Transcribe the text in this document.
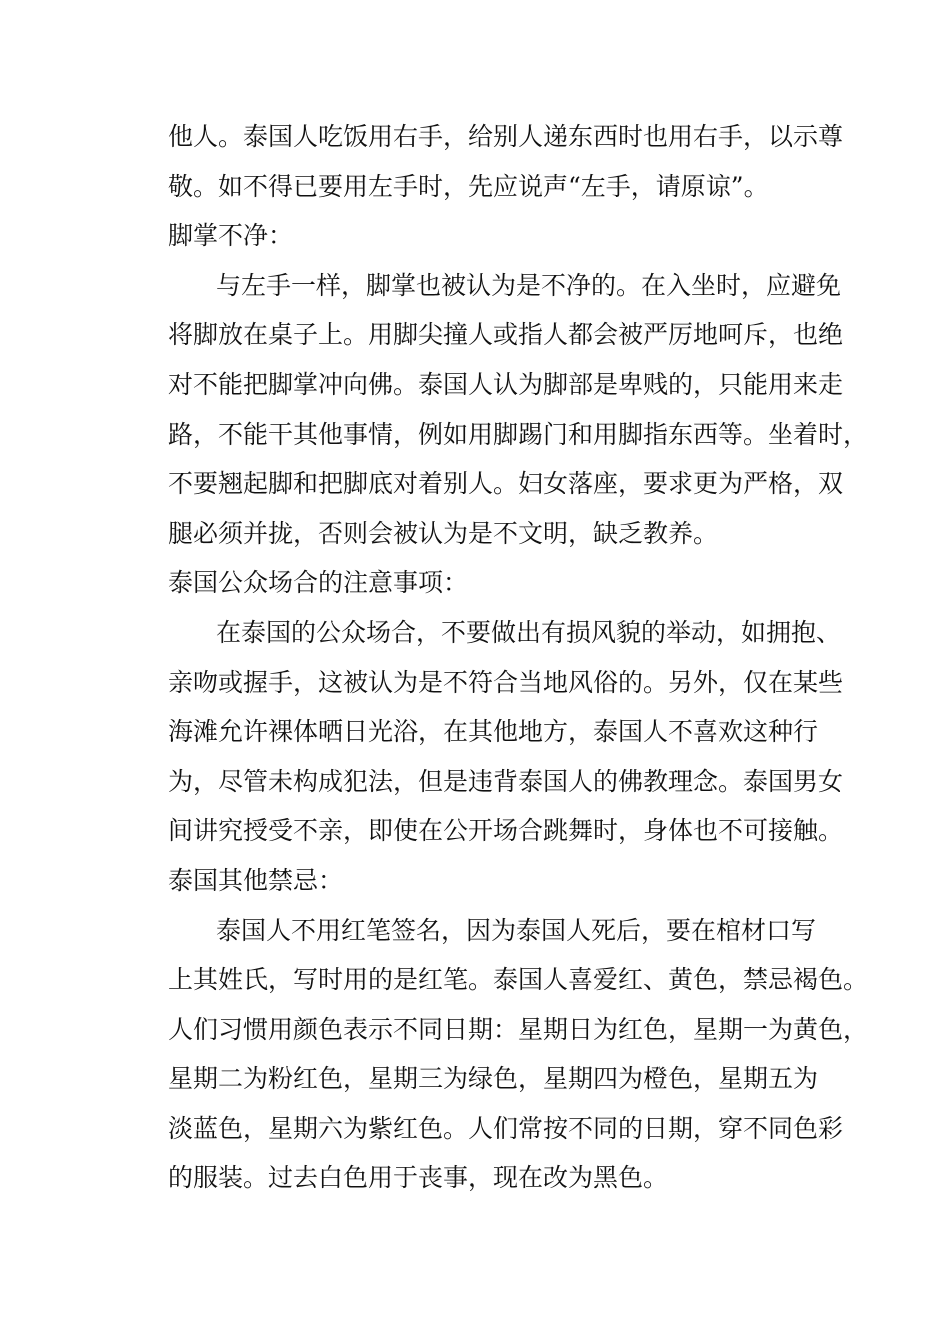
他人。泰国人吃饭用右手，给别人递东西时也用右手，以示尊
敬。如不得已要用左手时，先应说声“左手，请原谅”。
脚掌不净：
与左手一样，脚掌也被认为是不净的。在入坐时，应避免
将脚放在桌子上。用脚尖撞人或指人都会被严厉地呵斥，也绝
对不能把脚掌冲向佛。泰国人认为脚部是卑贱的，只能用来走
路，不能干其他事情，例如用脚踢门和用脚指东西等。坐着时，
不要翘起脚和把脚底对着别人。妇女落座，要求更为严格，双
腿必须并拢，否则会被认为是不文明，缺乏教养。
泰国公众场合的注意事项：
在泰国的公众场合，不要做出有损风貌的举动，如拥抱、
亲吻或握手，这被认为是不符合当地风俗的。另外，仅在某些
海滩允许裸体晒日光浴，在其他地方，泰国人不喜欢这种行
为，尽管未构成犯法，但是违背泰国人的佛教理念。泰国男女
间讲究授受不亲，即使在公开场合跳舞时，身体也不可接触。
泰国其他禁忌：
泰国人不用红笔签名，因为泰国人死后，要在棺材口写
上其姓氏，写时用的是红笔。泰国人喜爱红、黄色，禁忌褐色。
人们习惯用颜色表示不同日期：星期日为红色，星期一为黄色，
星期二为粉红色，星期三为绿色，星期四为橙色，星期五为
淡蓝色，星期六为紫红色。人们常按不同的日期，穿不同色彩
的服装。过去白色用于丧事，现在改为黑色。
